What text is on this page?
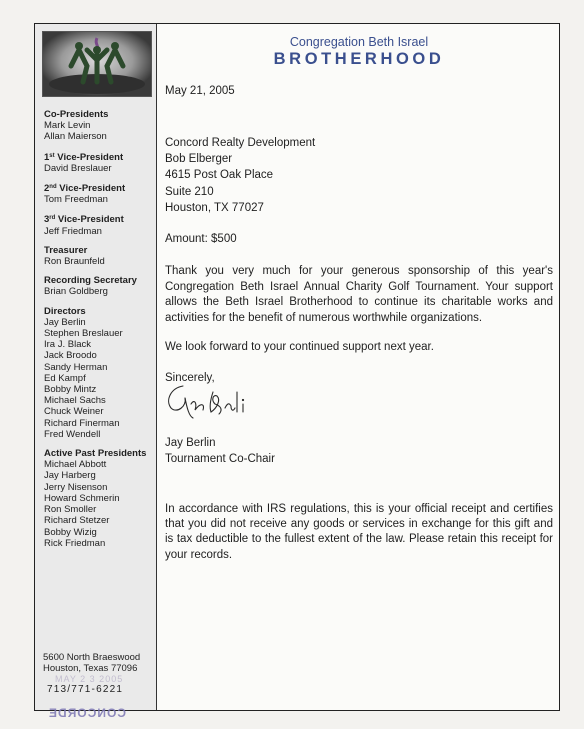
Co-Presidents
Mark Levin
Allan Maierson
1st Vice-President
David Breslauer
2nd Vice-President
Tom Freedman
3rd Vice-President
Jeff Friedman
Treasurer
Ron Braunfeld
Recording Secretary
Brian Goldberg
Directors
Jay Berlin
Stephen Breslauer
Ira J. Black
Jack Broodo
Sandy Herman
Ed Kampf
Bobby Mintz
Michael Sachs
Chuck Weiner
Richard Finerman
Fred Wendell
Active Past Presidents
Michael Abbott
Jay Harberg
Jerry Nisenson
Howard Schmerin
Ron Smoller
Richard Stetzer
Bobby Wizig
Rick Friedman
MAY 2 3 2005
5600 North Braeswood
Houston, Texas 77096
713/771-6221
Congregation Beth Israel
BROTHERHOOD
May 21, 2005
Concord Realty Development
Bob Elberger
4615 Post Oak Place
Suite 210
Houston, TX 77027
Amount: $500
Thank you very much for your generous sponsorship of this year's Congregation Beth Israel Annual Charity Golf Tournament. Your support allows the Beth Israel Brotherhood to continue its charitable works and activities for the benefit of numerous worthwhile organizations.
We look forward to your continued support next year.
Sincerely,
Jay Berlin
Tournament Co-Chair
In accordance with IRS regulations, this is your official receipt and certifies that you did not receive any goods or services in exchange for this gift and is tax deductible to the fullest extent of the law. Please retain this receipt for your records.
CONCORDE
